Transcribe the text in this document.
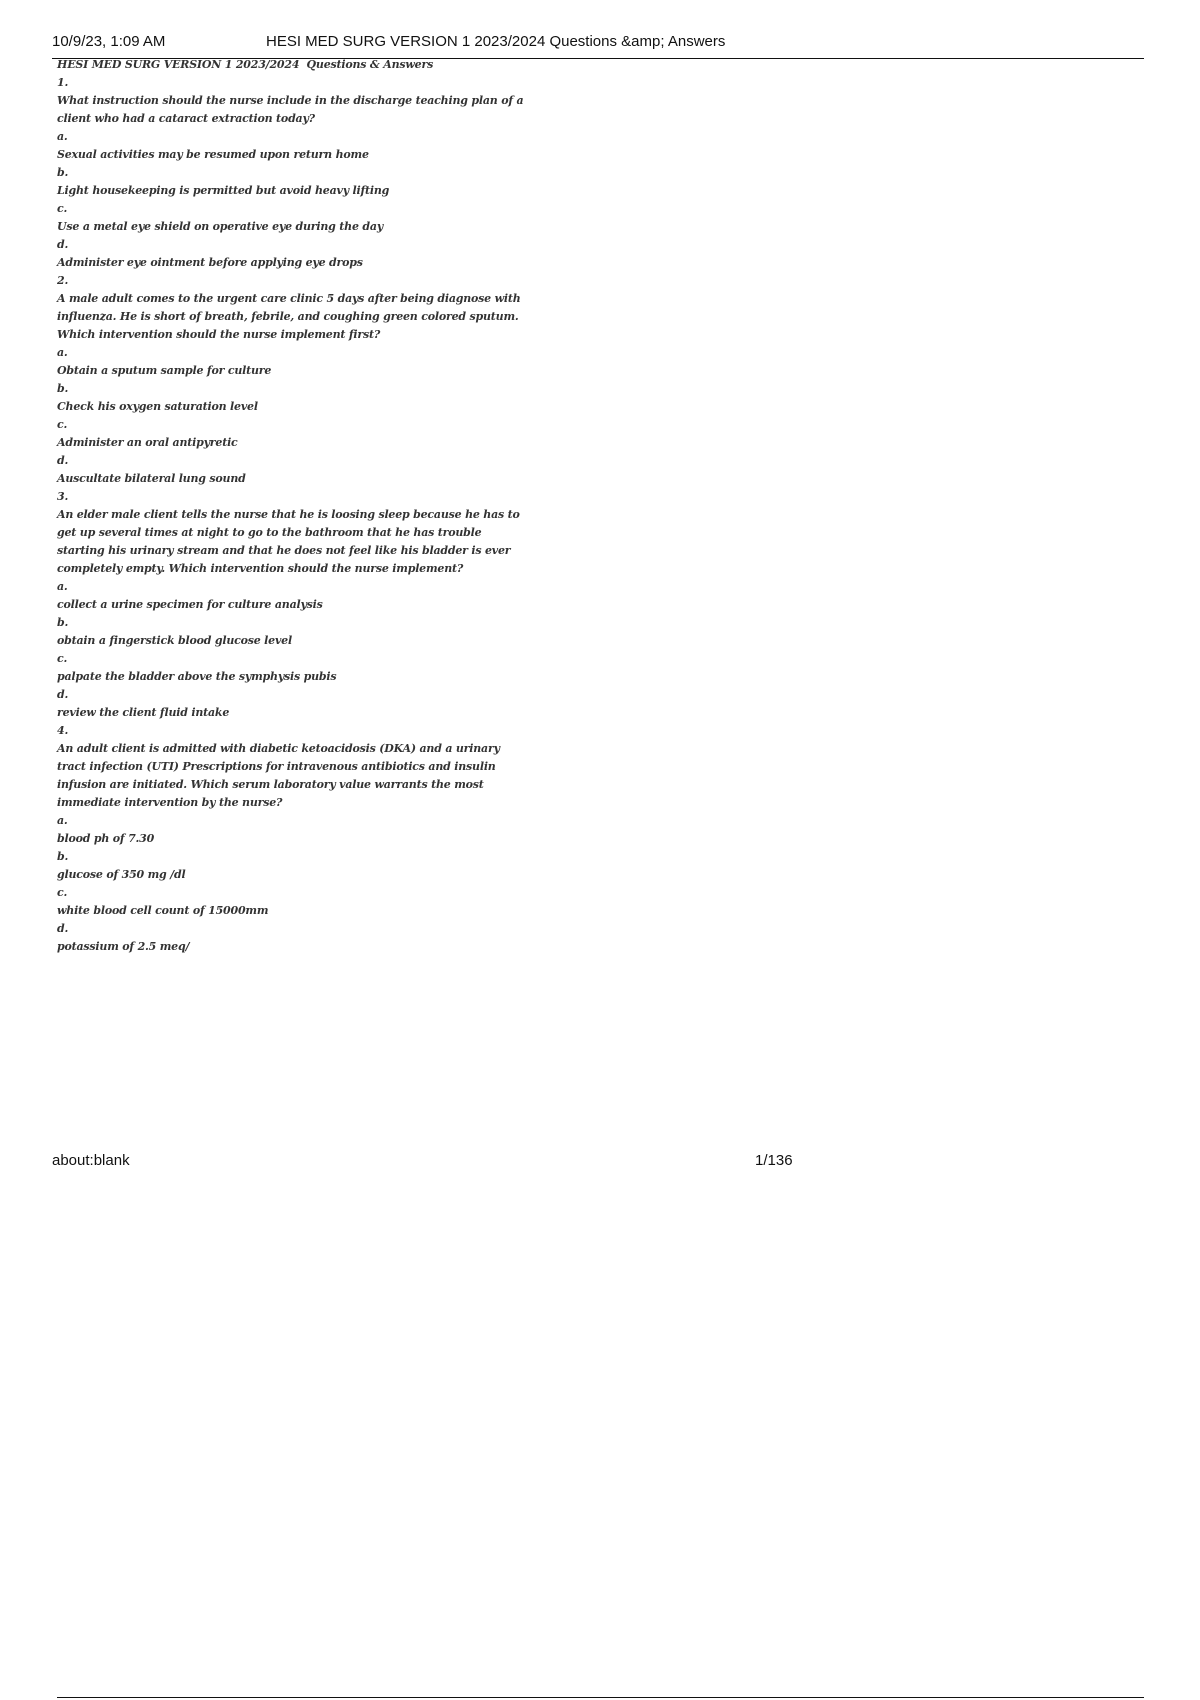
10/9/23, 1:09 AM	HESI MED SURG VERSION 1 2023/2024 Questions &amp; Answers
HESI MED SURG VERSION 1 2023/2024  Questions & Answers
1.
What instruction should the nurse include in the discharge teaching plan of a client who had a cataract extraction today?
a.
Sexual activities may be resumed upon return home
b.
Light housekeeping is permitted but avoid heavy lifting
c.
Use a metal eye shield on operative eye during the day
d.
Administer eye ointment before applying eye drops
2.
A male adult comes to the urgent care clinic 5 days after being diagnose with influenza. He is short of breath, febrile, and coughing green colored sputum. Which intervention should the nurse implement first?
a.
Obtain a sputum sample for culture
b.
Check his oxygen saturation level
c.
Administer an oral antipyretic
d.
Auscultate bilateral lung sound
3.
An elder male client tells the nurse that he is loosing sleep because he has to get up several times at night to go to the bathroom that he has trouble starting his urinary stream and that he does not feel like his bladder is ever completely empty. Which intervention should the nurse implement?
a.
collect a urine specimen for culture analysis
b.
obtain a fingerstick blood glucose level
c.
palpate the bladder above the symphysis pubis
d.
review the client fluid intake
4.
An adult client is admitted with diabetic ketoacidosis (DKA) and a urinary tract infection (UTI) Prescriptions for intravenous antibiotics and insulin infusion are initiated. Which serum laboratory value warrants the most immediate intervention by the nurse?
a.
blood ph of 7.30
b.
glucose of 350 mg /dl
c.
white blood cell count of 15000mm
d.
potassium of 2.5 meq/
about:blank	1/136
